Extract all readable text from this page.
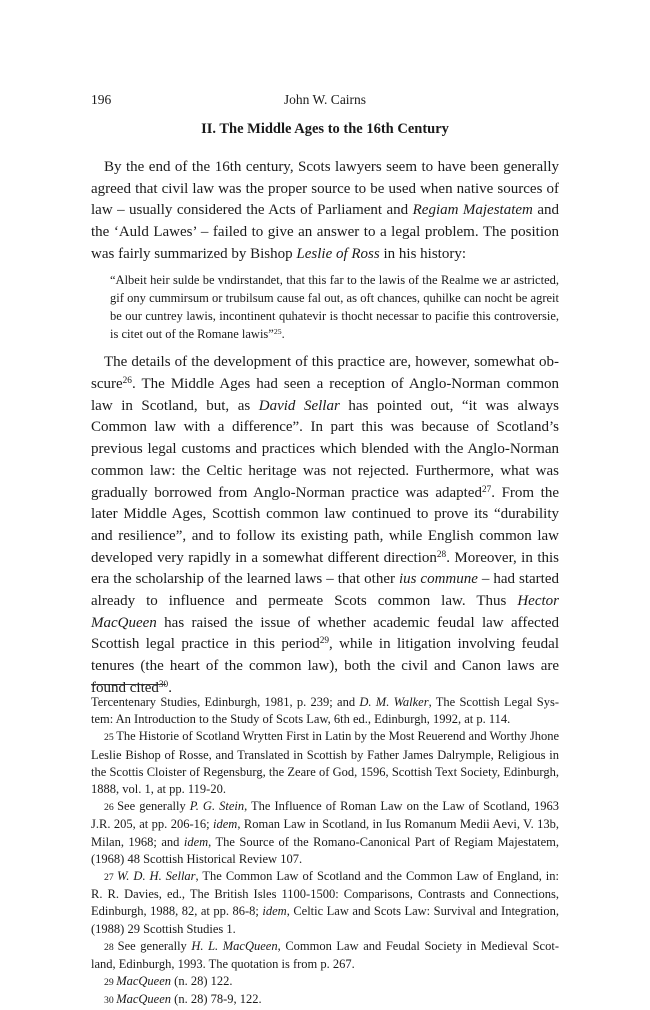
196	John W. Cairns
II. The Middle Ages to the 16th Century

By the end of the 16th century, Scots lawyers seem to have been generally agreed that civil law was the proper source to be used when native sources of law – usually considered the Acts of Parliament and Regiam Majestatem and the ‘Auld Lawes’ – failed to give an answer to a legal problem. The position was fairly summarized by Bishop Leslie of Ross in his history:

“Albeit heir sulde be vndirstandet, that this far to the lawis of the Realme we ar astricted, gif ony cummirsum or trubilsum cause fal out, as oft chances, quhilke can nocht be agreit be our cuntrey lawis, incontinent quhatevir is thocht necessar to pacifie this controversie, is citet out of the Romane lawis”$^{25}$.

The details of the development of this practice are, however, somewhat obscure$^{26}$. The Middle Ages had seen a reception of Anglo-Norman common law in Scotland, but, as David Sellar has pointed out, “it was always Common law with a difference”. In part this was because of Scotland’s previous legal customs and practices which blended with the Anglo-Norman common law: the Celtic heritage was not rejected. Furthermore, what was gradually borrowed from Anglo-Norman practice was adapted$^{27}$. From the later Middle Ages, Scottish common law continued to prove its “durability and resilience”, and to follow its existing path, while English common law developed very rapidly in a somewhat different direction$^{28}$. Moreover, in this era the scholarship of the learned laws – that other ius commune – had started already to influence and permeate Scots common law. Thus Hector MacQueen has raised the issue of whether academic feudal law affected Scottish legal practice in this period$^{29}$, while in litigation involving feudal tenures (the heart of the common law), both the civil and Canon laws are found cited$^{30}$.

Tercentenary Studies, Edinburgh, 1981, p. 239; and D. M. Walker, The Scottish Legal System: An Introduction to the Study of Scots Law, 6th ed., Edinburgh, 1992, at p. 114.

25 The Historie of Scotland Wrytten First in Latin by the Most Reuerend and Worthy Jhone Leslie Bishop of Rosse, and Translated in Scottish by Father James Dalrymple, Religious in the Scottis Cloister of Regensburg, the Zeare of God, 1596, Scottish Text Society, Edinburgh, 1888, vol. 1, at pp. 119-20.

26 See generally P. G. Stein, The Influence of Roman Law on the Law of Scotland, 1963 J.R. 205, at pp. 206-16; idem, Roman Law in Scotland, in Ius Romanum Medii Aevi, V. 13b, Milan, 1968; and idem, The Source of the Romano-Canonical Part of Regiam Majestatem, (1968) 48 Scottish Historical Review 107.

27 W. D. H. Sellar, The Common Law of Scotland and the Common Law of England, in: R. R. Davies, ed., The British Isles 1100-1500: Comparisons, Contrasts and Connections, Edinburgh, 1988, 82, at pp. 86-8; idem, Celtic Law and Scots Law: Survival and Integration, (1988) 29 Scottish Studies 1.

28 See generally H. L. MacQueen, Common Law and Feudal Society in Medieval Scotland, Edinburgh, 1993. The quotation is from p. 267.

29 MacQueen (n. 28) 122.

30 MacQueen (n. 28) 78-9, 122.
